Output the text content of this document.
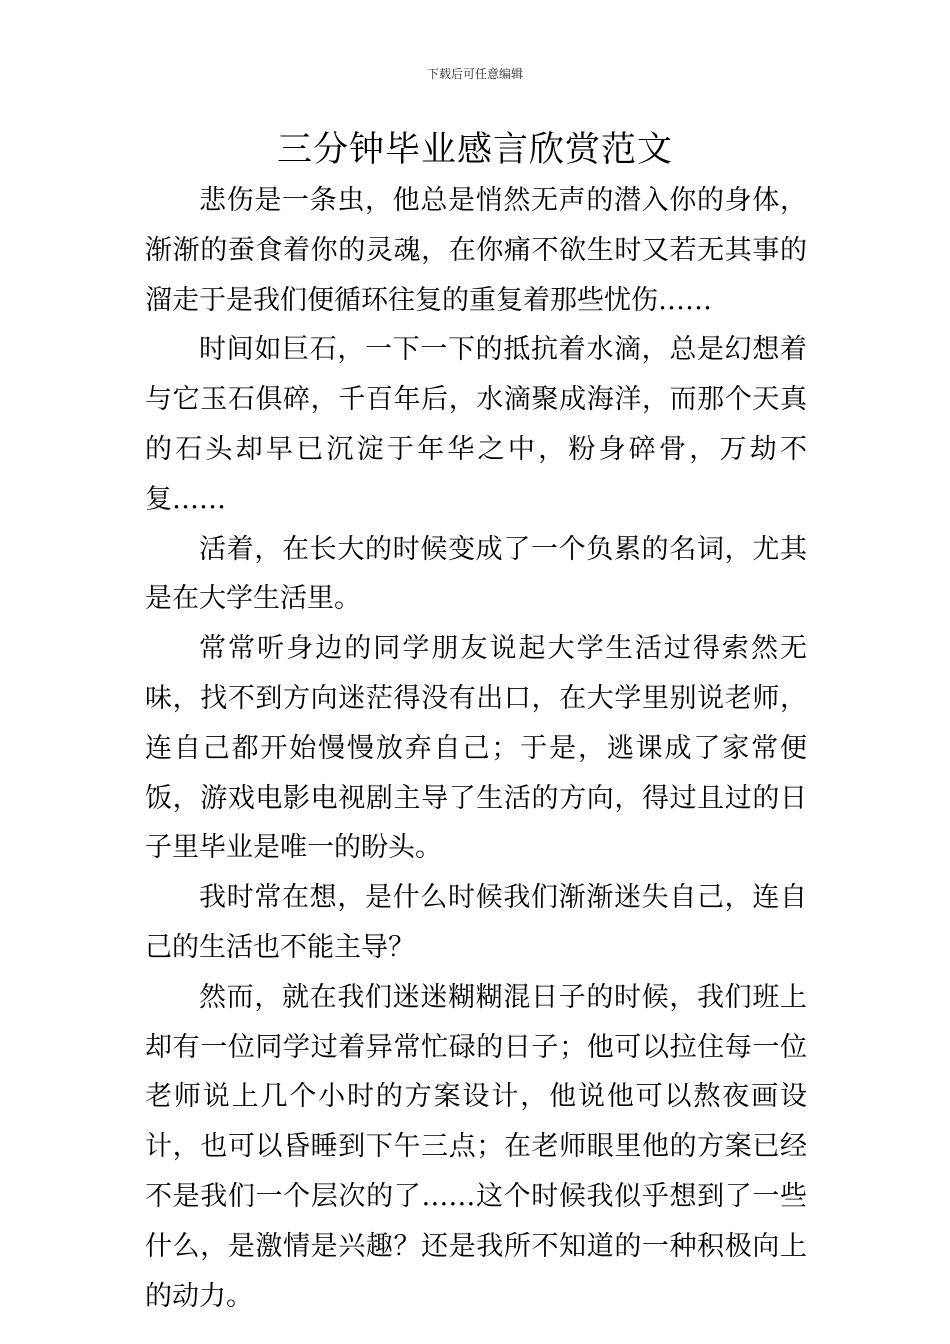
下载后可任意编辑
三分钟毕业感言欣赏范文

悲伤是一条虫，他总是悄然无声的潜入你的身体，渐渐的蚕食着你的灵魂，在你痛不欲生时又若无其事的溜走于是我们便循环往复的重复着那些忧伤……

时间如巨石，一下一下的抵抗着水滴，总是幻想着与它玉石俱碎，千百年后，水滴聚成海洋，而那个天真的石头却早已沉淀于年华之中，粉身碎骨，万劫不复……

活着，在长大的时候变成了一个负累的名词，尤其是在大学生活里。

常常听身边的同学朋友说起大学生活过得索然无味，找不到方向迷茫得没有出口，在大学里别说老师，连自己都开始慢慢放弃自己；于是，逃课成了家常便饭，游戏电影电视剧主导了生活的方向，得过且过的日子里毕业是唯一的盼头。

我时常在想，是什么时候我们渐渐迷失自己，连自己的生活也不能主导？

然而，就在我们迷迷糊糊混日子的时候，我们班上却有一位同学过着异常忙碌的日子；他可以拉住每一位老师说上几个小时的方案设计，他说他可以熬夜画设计，也可以昏睡到下午三点；在老师眼里他的方案已经不是我们一个层次的了……这个时候我似乎想到了一些什么，是激情是兴趣？还是我所不知道的一种积极向上的动力。
